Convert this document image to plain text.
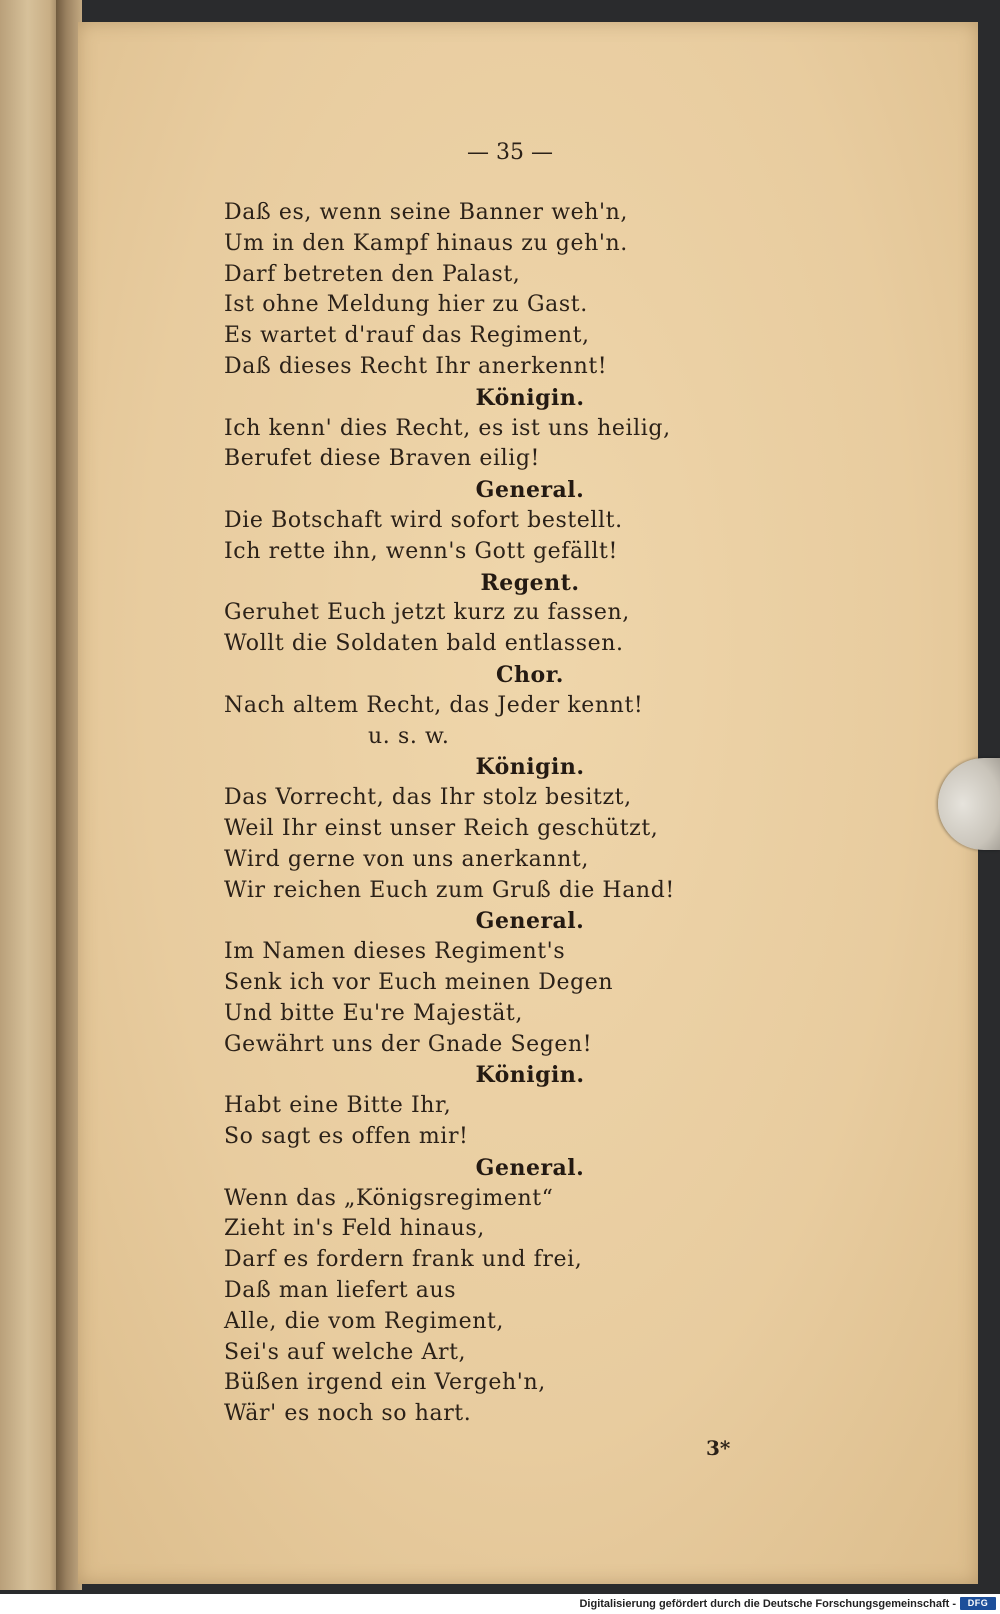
— 35 —
Daß es, wenn seine Banner weh'n,
Um in den Kampf hinaus zu geh'n.
Darf betreten den Palast,
Ist ohne Meldung hier zu Gast.
Es wartet d'rauf das Regiment,
Daß dieses Recht Ihr anerkennt!
Königin.
Ich kenn' dies Recht, es ist uns heilig,
Berufet diese Braven eilig!
General.
Die Botschaft wird sofort bestellt.
Ich rette ihn, wenn's Gott gefällt!
Regent.
Geruhet Euch jetzt kurz zu fassen,
Wollt die Soldaten bald entlassen.
Chor.
Nach altem Recht, das Jeder kennt!
u. s. w.
Königin.
Das Vorrecht, das Ihr stolz besitzt,
Weil Ihr einst unser Reich geschützt,
Wird gerne von uns anerkannt,
Wir reichen Euch zum Gruß die Hand!
General.
Im Namen dieses Regiment's
Senk ich vor Euch meinen Degen
Und bitte Eu're Majestät,
Gewährt uns der Gnade Segen!
Königin.
Habt eine Bitte Ihr,
So sagt es offen mir!
General.
Wenn das „Königsregiment“
Zieht in's Feld hinaus,
Darf es fordern frank und frei,
Daß man liefert aus
Alle, die vom Regiment,
Sei's auf welche Art,
Büßen irgend ein Vergeh'n,
Wär' es noch so hart.
3*
Digitalisierung gefördert durch die Deutsche Forschungsgemeinschaft -	DFG
